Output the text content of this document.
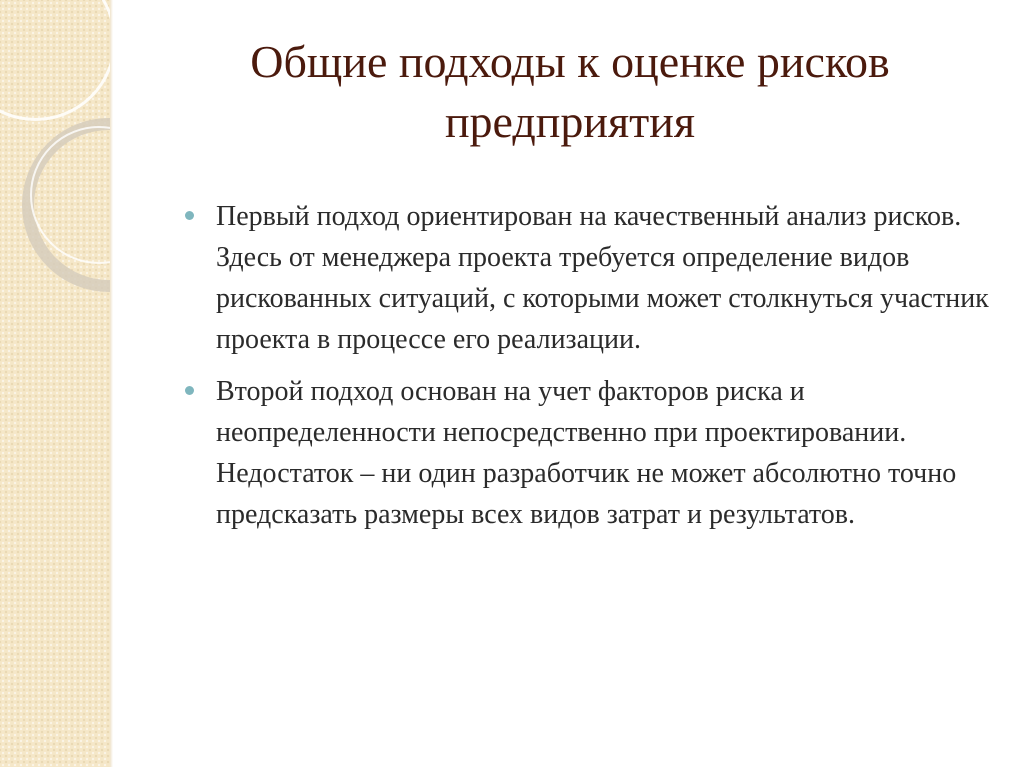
Общие подходы к оценке рисков предприятия
Первый подход ориентирован на качественный анализ рисков. Здесь от менеджера проекта требуется определение видов рискованных ситуаций, с которыми может столкнуться участник проекта в процессе его реализации.
Второй подход основан на учет факторов риска и неопределенности непосредственно при проектировании. Недостаток – ни один разработчик не может абсолютно точно предсказать размеры всех видов затрат и результатов.
